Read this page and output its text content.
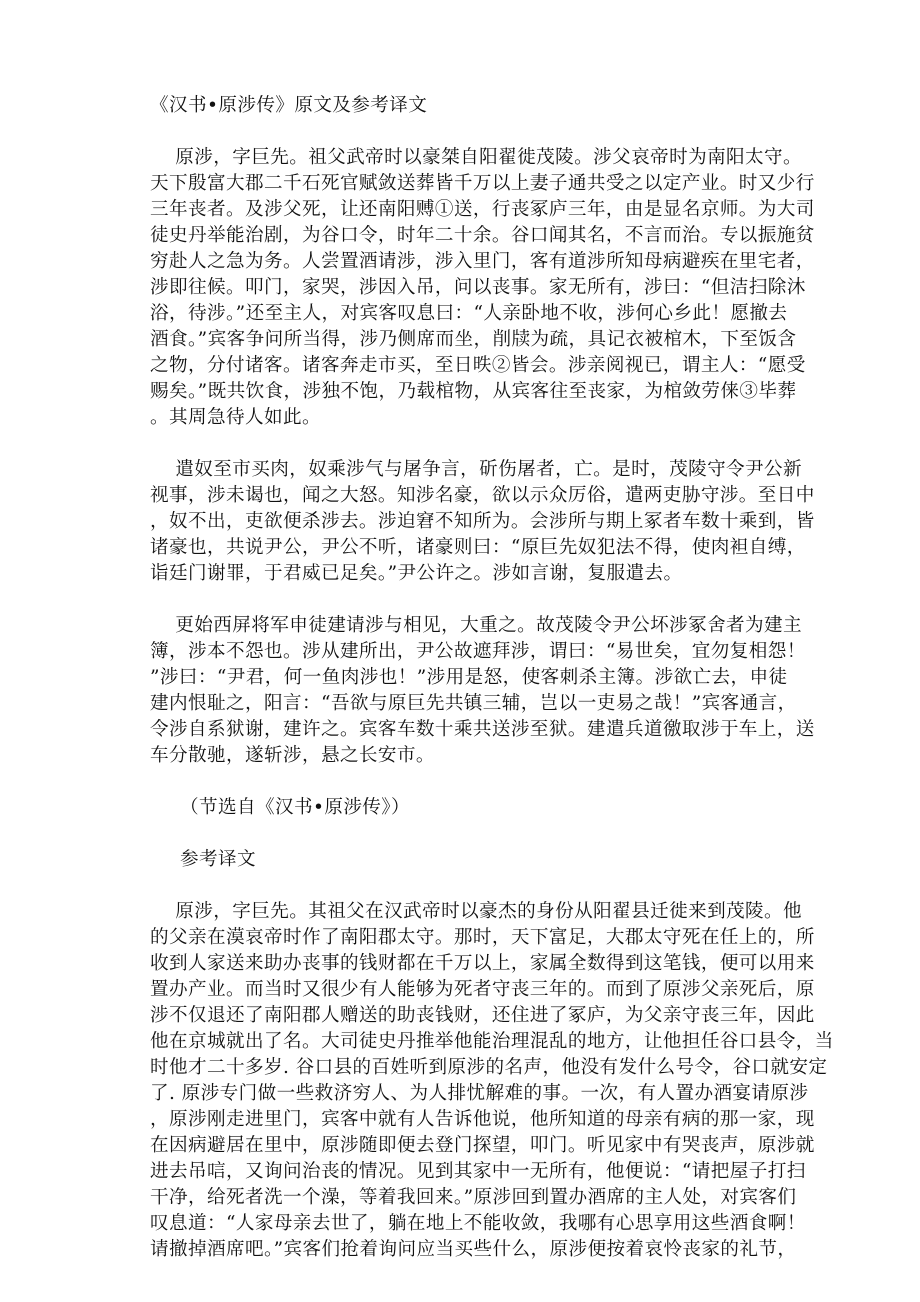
《汉书•原涉传》原文及参考译文

原涉，字巨先。祖父武帝时以豪桀自阳翟徙茂陵。涉父哀帝时为南阳太守。

天下殷富大郡二千石死官赋敛送葬皆千万以上妻子通共受之以定产业。时又少行

三年丧者。及涉父死，让还南阳赙①送，行丧冢庐三年，由是显名京师。为大司

徒史丹举能治剧，为谷口令，时年二十余。谷口闻其名，不言而治。专以振施贫

穷赴人之急为务。人尝置酒请涉，涉入里门，客有道涉所知母病避疾在里宅者，

涉即往候。叩门，家哭，涉因入吊，问以丧事。家无所有，涉曰：“但洁扫除沐

浴，待涉。”还至主人，对宾客叹息曰：“人亲卧地不收，涉何心乡此！愿撤去

酒食。”宾客争问所当得，涉乃侧席而坐，削牍为疏，具记衣被棺木，下至饭含

之物，分付诸客。诸客奔走市买，至日昳②皆会。涉亲阅视已，谓主人：“愿受

赐矣。”既共饮食，涉独不饱，乃载棺物，从宾客往至丧家，为棺敛劳俫③毕葬

。其周急待人如此。

遣奴至市买肉，奴乘涉气与屠争言，斫伤屠者，亡。是时，茂陵守令尹公新

视事，涉未谒也，闻之大怒。知涉名豪，欲以示众厉俗，遣两吏胁守涉。至日中

，奴不出，吏欲便杀涉去。涉迫窘不知所为。会涉所与期上冢者车数十乘到，皆

诸豪也，共说尹公，尹公不听，诸豪则曰：“原巨先奴犯法不得，使肉袒自缚，

诣廷门谢罪，于君威已足矣。”尹公许之。涉如言谢，复服遣去。

更始西屏将军申徒建请涉与相见，大重之。故茂陵令尹公坏涉冢舍者为建主

簿，涉本不怨也。涉从建所出，尹公故遮拜涉，谓曰：“易世矣，宜勿复相怨！

”涉曰：“尹君，何一鱼肉涉也！”涉用是怒，使客刺杀主簿。涉欲亡去，申徒

建内恨耻之，阳言：“吾欲与原巨先共镇三辅，岂以一吏易之哉！”宾客通言，

令涉自系狱谢，建许之。宾客车数十乘共送涉至狱。建遣兵道徼取涉于车上，送

车分散驰，遂斩涉，悬之长安市。

（节选自《汉书•原涉传》）

参考译文

原涉，字巨先。其祖父在汉武帝时以豪杰的身份从阳翟县迁徙来到茂陵。他

的父亲在漠哀帝时作了南阳郡太守。那时，天下富足，大郡太守死在任上的，所

收到人家送来助办丧事的钱财都在千万以上，家属全数得到这笔钱，便可以用来

置办产业。而当时又很少有人能够为死者守丧三年的。而到了原涉父亲死后，原

涉不仅退还了南阳郡人赠送的助丧钱财，还住进了冢庐，为父亲守丧三年，因此

他在京城就出了名。大司徒史丹推举他能治理混乱的地方，让他担任谷口县令，当

时他才二十多岁. 谷口县的百姓听到原涉的名声，他没有发什么号令，谷口就安定

了. 原涉专门做一些救济穷人、为人排忧解难的事。一次，有人置办酒宴请原涉

，原涉刚走进里门，宾客中就有人告诉他说，他所知道的母亲有病的那一家，现

在因病避居在里中，原涉随即便去登门探望，叩门。听见家中有哭丧声，原涉就

进去吊唁，又询问治丧的情况。见到其家中一无所有，他便说：“请把屋子打扫

干净，给死者洗一个澡，等着我回来。”原涉回到置办酒席的主人处，对宾客们

叹息道：“人家母亲去世了，躺在地上不能收敛，我哪有心思享用这些酒食啊！

请撤掉酒席吧。”宾客们抢着询问应当买些什么，原涉便按着哀怜丧家的礼节，
